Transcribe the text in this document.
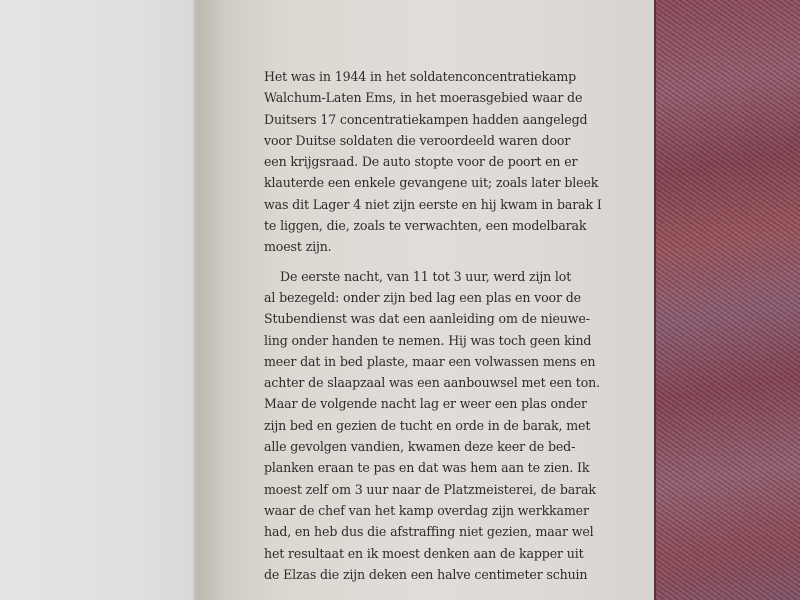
Het was in 1944 in het soldatenconcentratiekamp
Walchum-Laten Ems, in het moerasgebied waar de
Duitsers 17 concentratiekampen hadden aangelegd
voor Duitse soldaten die veroordeeld waren door
een krijgsraad. De auto stopte voor de poort en er
klauterde een enkele gevangene uit; zoals later bleek
was dit Lager 4 niet zijn eerste en hij kwam in barak I
te liggen, die, zoals te verwachten, een modelbarak
moest zijn.
De eerste nacht, van 11 tot 3 uur, werd zijn lot
al bezegeld: onder zijn bed lag een plas en voor de
Stubendienst was dat een aanleiding om de nieuwe-
ling onder handen te nemen. Hij was toch geen kind
meer dat in bed plaste, maar een volwassen mens en
achter de slaapzaal was een aanbouwsel met een ton.
Maar de volgende nacht lag er weer een plas onder
zijn bed en gezien de tucht en orde in de barak, met
alle gevolgen vandien, kwamen deze keer de bed-
planken eraan te pas en dat was hem aan te zien. Ik
moest zelf om 3 uur naar de Platzmeisterei, de barak
waar de chef van het kamp overdag zijn werkkamer
had, en heb dus die afstraffing niet gezien, maar wel
het resultaat en ik moest denken aan de kapper uit
de Elzas die zijn deken een halve centimeter schuin
